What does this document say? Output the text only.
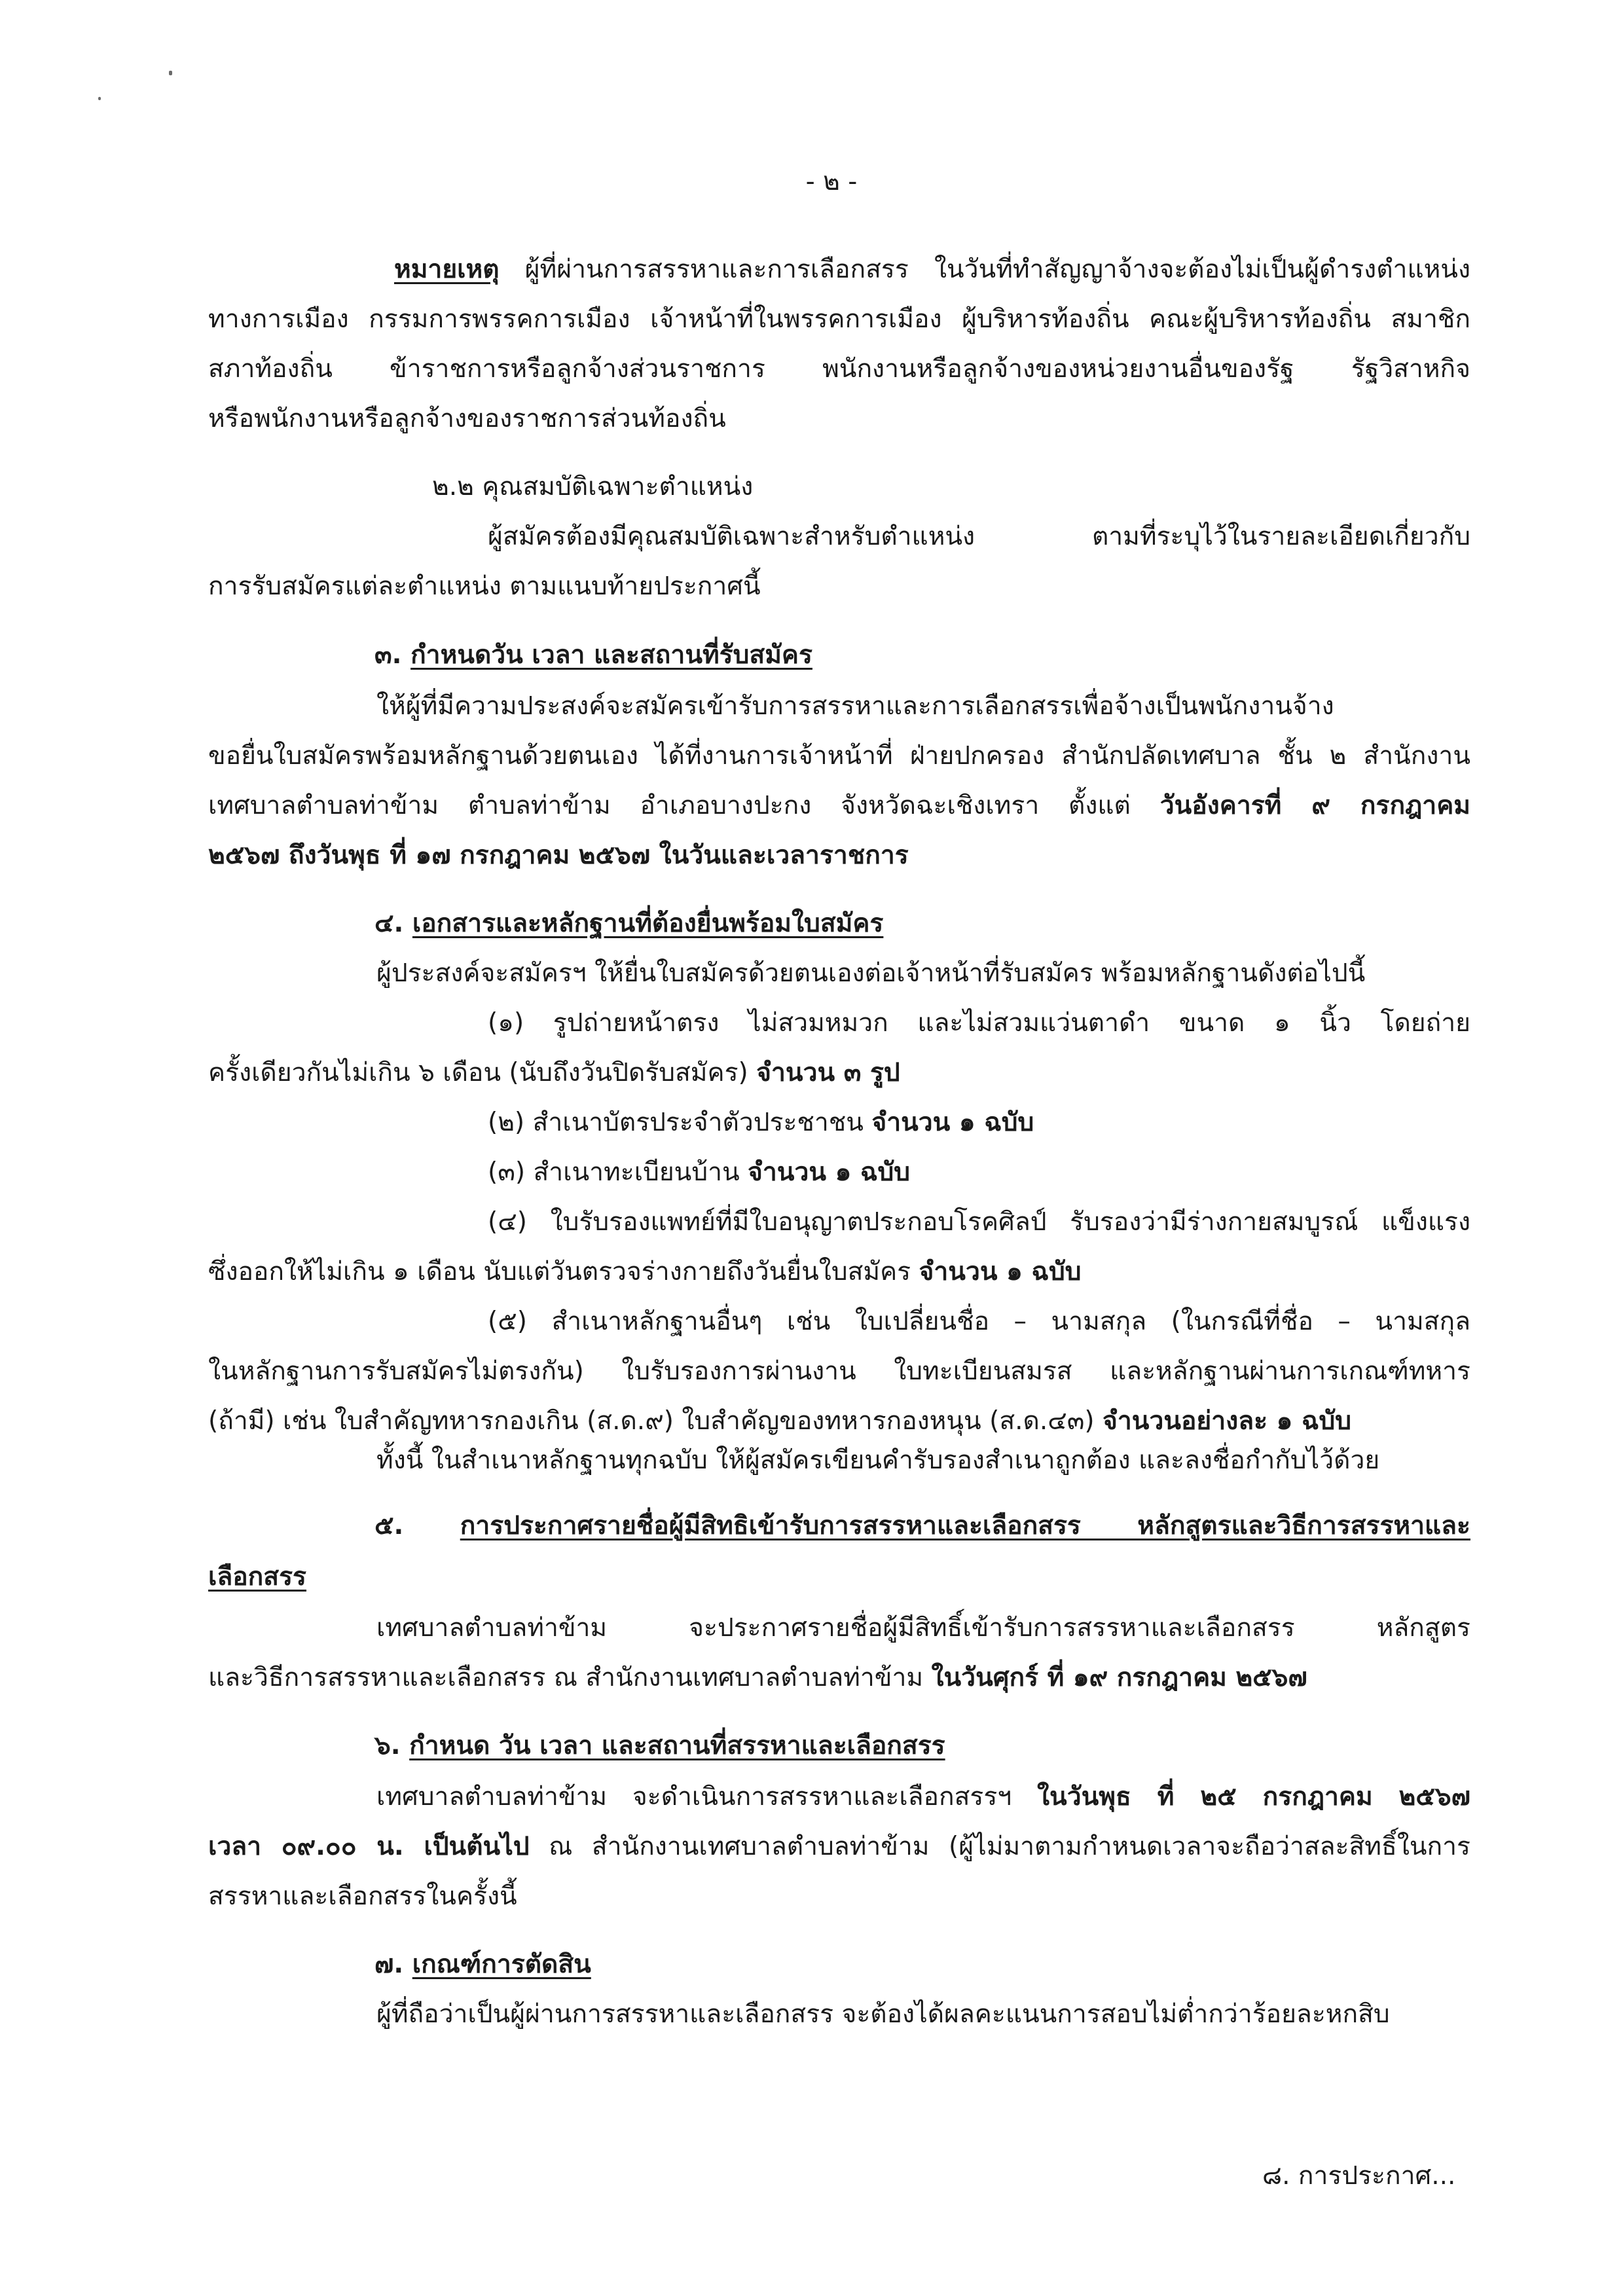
- ๒ -
หมายเหตุ ผู้ที่ผ่านการสรรหาและการเลือกสรร ในวันที่ทำสัญญาจ้างจะต้องไม่เป็นผู้ดำรงตำแหน่ง
ทางการเมือง กรรมการพรรคการเมือง เจ้าหน้าที่ในพรรคการเมือง ผู้บริหารท้องถิ่น คณะผู้บริหารท้องถิ่น สมาชิก
สภาท้องถิ่น ข้าราชการหรือลูกจ้างส่วนราชการ พนักงานหรือลูกจ้างของหน่วยงานอื่นของรัฐ รัฐวิสาหกิจ
หรือพนักงานหรือลูกจ้างของราชการส่วนท้องถิ่น
๒.๒ คุณสมบัติเฉพาะตำแหน่ง
ผู้สมัครต้องมีคุณสมบัติเฉพาะสำหรับตำแหน่ง ตามที่ระบุไว้ในรายละเอียดเกี่ยวกับ
การรับสมัครแต่ละตำแหน่ง ตามแนบท้ายประกาศนี้
๓. กำหนดวัน เวลา และสถานที่รับสมัคร
ให้ผู้ที่มีความประสงค์จะสมัครเข้ารับการสรรหาและการเลือกสรรเพื่อจ้างเป็นพนักงานจ้าง
ขอยื่นใบสมัครพร้อมหลักฐานด้วยตนเอง ได้ที่งานการเจ้าหน้าที่ ฝ่ายปกครอง สำนักปลัดเทศบาล ชั้น ๒ สำนักงาน
เทศบาลตำบลท่าข้าม ตำบลท่าข้าม อำเภอบางปะกง จังหวัดฉะเชิงเทรา ตั้งแต่ วันอังคารที่ ๙ กรกฎาคม
๒๕๖๗ ถึงวันพุธ ที่ ๑๗ กรกฎาคม ๒๕๖๗ ในวันและเวลาราชการ
๔. เอกสารและหลักฐานที่ต้องยื่นพร้อมใบสมัคร
ผู้ประสงค์จะสมัครฯ ให้ยื่นใบสมัครด้วยตนเองต่อเจ้าหน้าที่รับสมัคร พร้อมหลักฐานดังต่อไปนี้
(๑) รูปถ่ายหน้าตรง ไม่สวมหมวก และไม่สวมแว่นตาดำ ขนาด ๑ นิ้ว โดยถ่าย
ครั้งเดียวกันไม่เกิน ๖ เดือน (นับถึงวันปิดรับสมัคร) จำนวน ๓ รูป
(๒) สำเนาบัตรประจำตัวประชาชน จำนวน ๑ ฉบับ
(๓) สำเนาทะเบียนบ้าน จำนวน ๑ ฉบับ
(๔) ใบรับรองแพทย์ที่มีใบอนุญาตประกอบโรคศิลป์ รับรองว่ามีร่างกายสมบูรณ์ แข็งแรง
ซึ่งออกให้ไม่เกิน ๑ เดือน นับแต่วันตรวจร่างกายถึงวันยื่นใบสมัคร จำนวน ๑ ฉบับ
(๕) สำเนาหลักฐานอื่นๆ เช่น ใบเปลี่ยนชื่อ – นามสกุล (ในกรณีที่ชื่อ – นามสกุล
ในหลักฐานการรับสมัครไม่ตรงกัน) ใบรับรองการผ่านงาน ใบทะเบียนสมรส และหลักฐานผ่านการเกณฑ์ทหาร
(ถ้ามี) เช่น ใบสำคัญทหารกองเกิน (ส.ด.๙) ใบสำคัญของทหารกองหนุน (ส.ด.๔๓) จำนวนอย่างละ ๑ ฉบับ
ทั้งนี้ ในสำเนาหลักฐานทุกฉบับ ให้ผู้สมัครเขียนคำรับรองสำเนาถูกต้อง และลงชื่อกำกับไว้ด้วย
๕. การประกาศรายชื่อผู้มีสิทธิเข้ารับการสรรหาและเลือกสรร หลักสูตรและวิธีการสรรหาและ
เลือกสรร
เทศบาลตำบลท่าข้าม จะประกาศรายชื่อผู้มีสิทธิ์เข้ารับการสรรหาและเลือกสรร หลักสูตร
และวิธีการสรรหาและเลือกสรร ณ สำนักงานเทศบาลตำบลท่าข้าม ในวันศุกร์ ที่ ๑๙ กรกฎาคม ๒๕๖๗
๖. กำหนด วัน เวลา และสถานที่สรรหาและเลือกสรร
เทศบาลตำบลท่าข้าม จะดำเนินการสรรหาและเลือกสรรฯ ในวันพุธ ที่ ๒๕ กรกฎาคม ๒๕๖๗
เวลา ๐๙.๐๐ น. เป็นต้นไป ณ สำนักงานเทศบาลตำบลท่าข้าม (ผู้ไม่มาตามกำหนดเวลาจะถือว่าสละสิทธิ์ในการ
สรรหาและเลือกสรรในครั้งนี้
๗. เกณฑ์การตัดสิน
ผู้ที่ถือว่าเป็นผู้ผ่านการสรรหาและเลือกสรร จะต้องได้ผลคะแนนการสอบไม่ต่ำกว่าร้อยละหกสิบ
๘. การประกาศ...
